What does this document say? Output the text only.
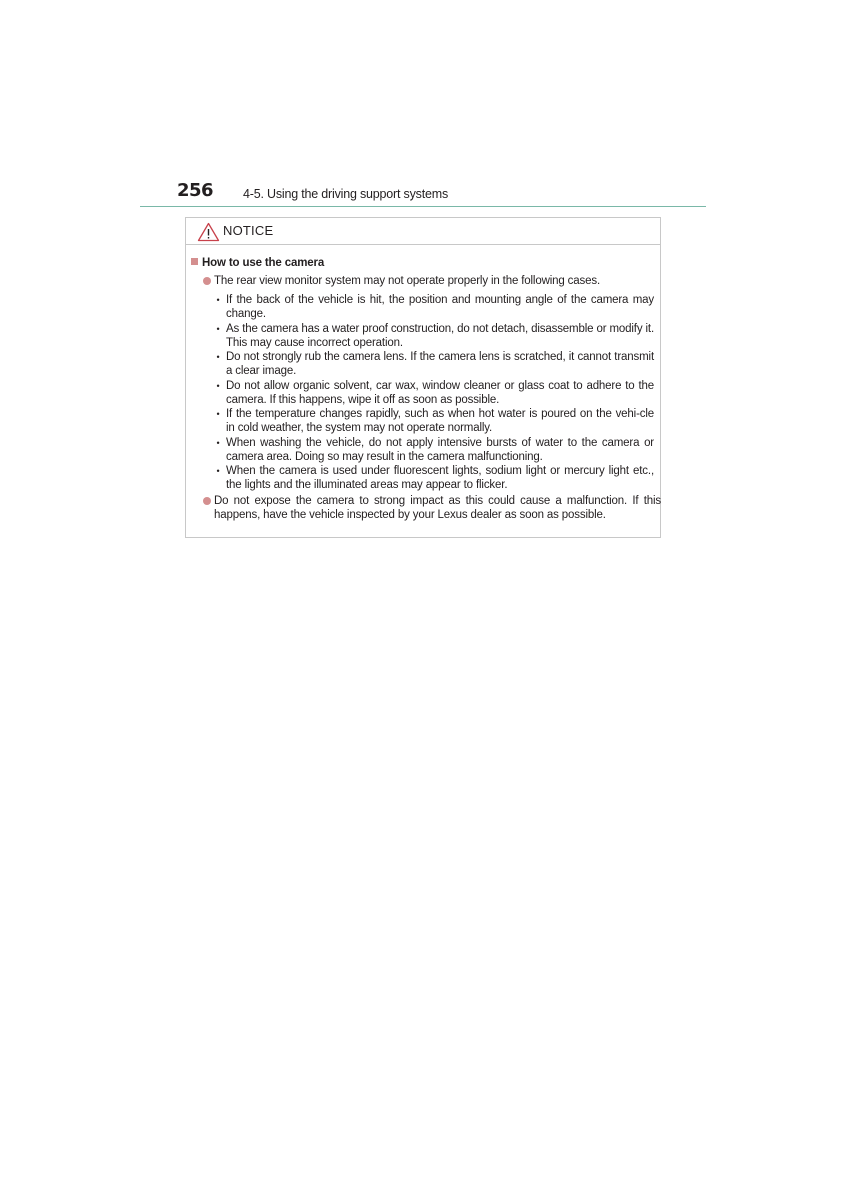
256 4-5. Using the driving support systems
NOTICE
How to use the camera
The rear view monitor system may not operate properly in the following cases.
• If the back of the vehicle is hit, the position and mounting angle of the camera may change.
• As the camera has a water proof construction, do not detach, disassemble or modify it. This may cause incorrect operation.
• Do not strongly rub the camera lens. If the camera lens is scratched, it cannot transmit a clear image.
• Do not allow organic solvent, car wax, window cleaner or glass coat to adhere to the camera. If this happens, wipe it off as soon as possible.
• If the temperature changes rapidly, such as when hot water is poured on the vehi-cle in cold weather, the system may not operate normally.
• When washing the vehicle, do not apply intensive bursts of water to the camera or camera area. Doing so may result in the camera malfunctioning.
• When the camera is used under fluorescent lights, sodium light or mercury light etc., the lights and the illuminated areas may appear to flicker.
Do not expose the camera to strong impact as this could cause a malfunction. If this happens, have the vehicle inspected by your Lexus dealer as soon as possible.
